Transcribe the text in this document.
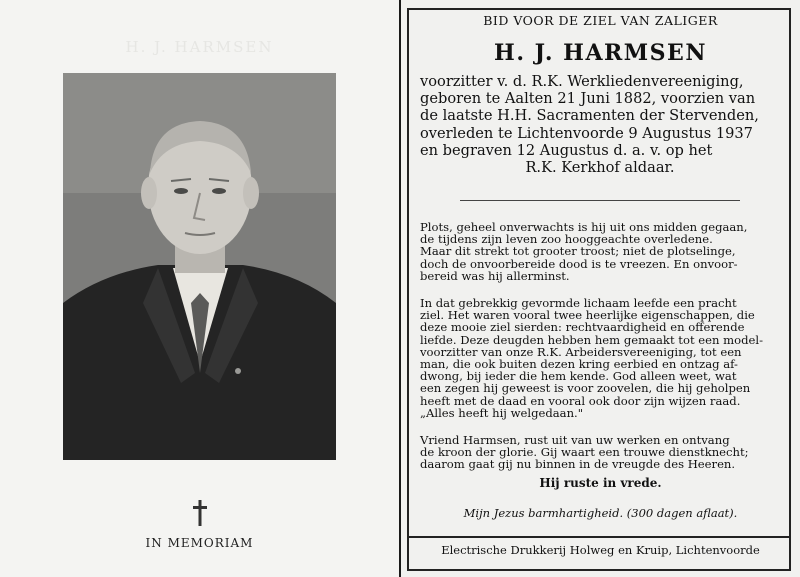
H. J. HARMSEN
IN MEMORIAM
BID VOOR DE ZIEL VAN ZALIGER
H. J. HARMSEN
voorzitter v. d. R.K. Werkliedenvereeniging,
geboren te Aalten 21 Juni 1882, voorzien van
de laatste H.H. Sacramenten der Stervenden,
overleden te Lichtenvoorde 9 Augustus 1937
en begraven 12 Augustus d. a. v. op het
R.K. Kerkhof aldaar.

Plots, geheel onverwachts is hij uit ons midden gegaan,
de tijdens zijn leven zoo hooggeachte overledene.
Maar dit strekt tot grooter troost; niet de plotselinge,
doch de onvoorbereide dood is te vreezen. En onvoor-
bereid was hij allerminst.

In dat gebrekkig gevormde lichaam leefde een pracht
ziel. Het waren vooral twee heerlijke eigenschappen, die
deze mooie ziel sierden: rechtvaardigheid en offerende
liefde. Deze deugden hebben hem gemaakt tot een model-
voorzitter van onze R.K. Arbeidersvereeniging, tot een
man, die ook buiten dezen kring eerbied en ontzag af-
dwong, bij ieder die hem kende. God alleen weet, wat
een zegen hij geweest is voor zoovelen, die hij geholpen
heeft met de daad en vooral ook door zijn wijzen raad.
„Alles heeft hij welgedaan."

Vriend Harmsen, rust uit van uw werken en ontvang
de kroon der glorie. Gij waart een trouwe dienstknecht;
daarom gaat gij nu binnen in de vreugde des Heeren.

Hij ruste in vrede.
Mijn Jezus barmhartigheid. (300 dagen aflaat).
Electrische Drukkerij Holweg en Kruip, Lichtenvoorde
